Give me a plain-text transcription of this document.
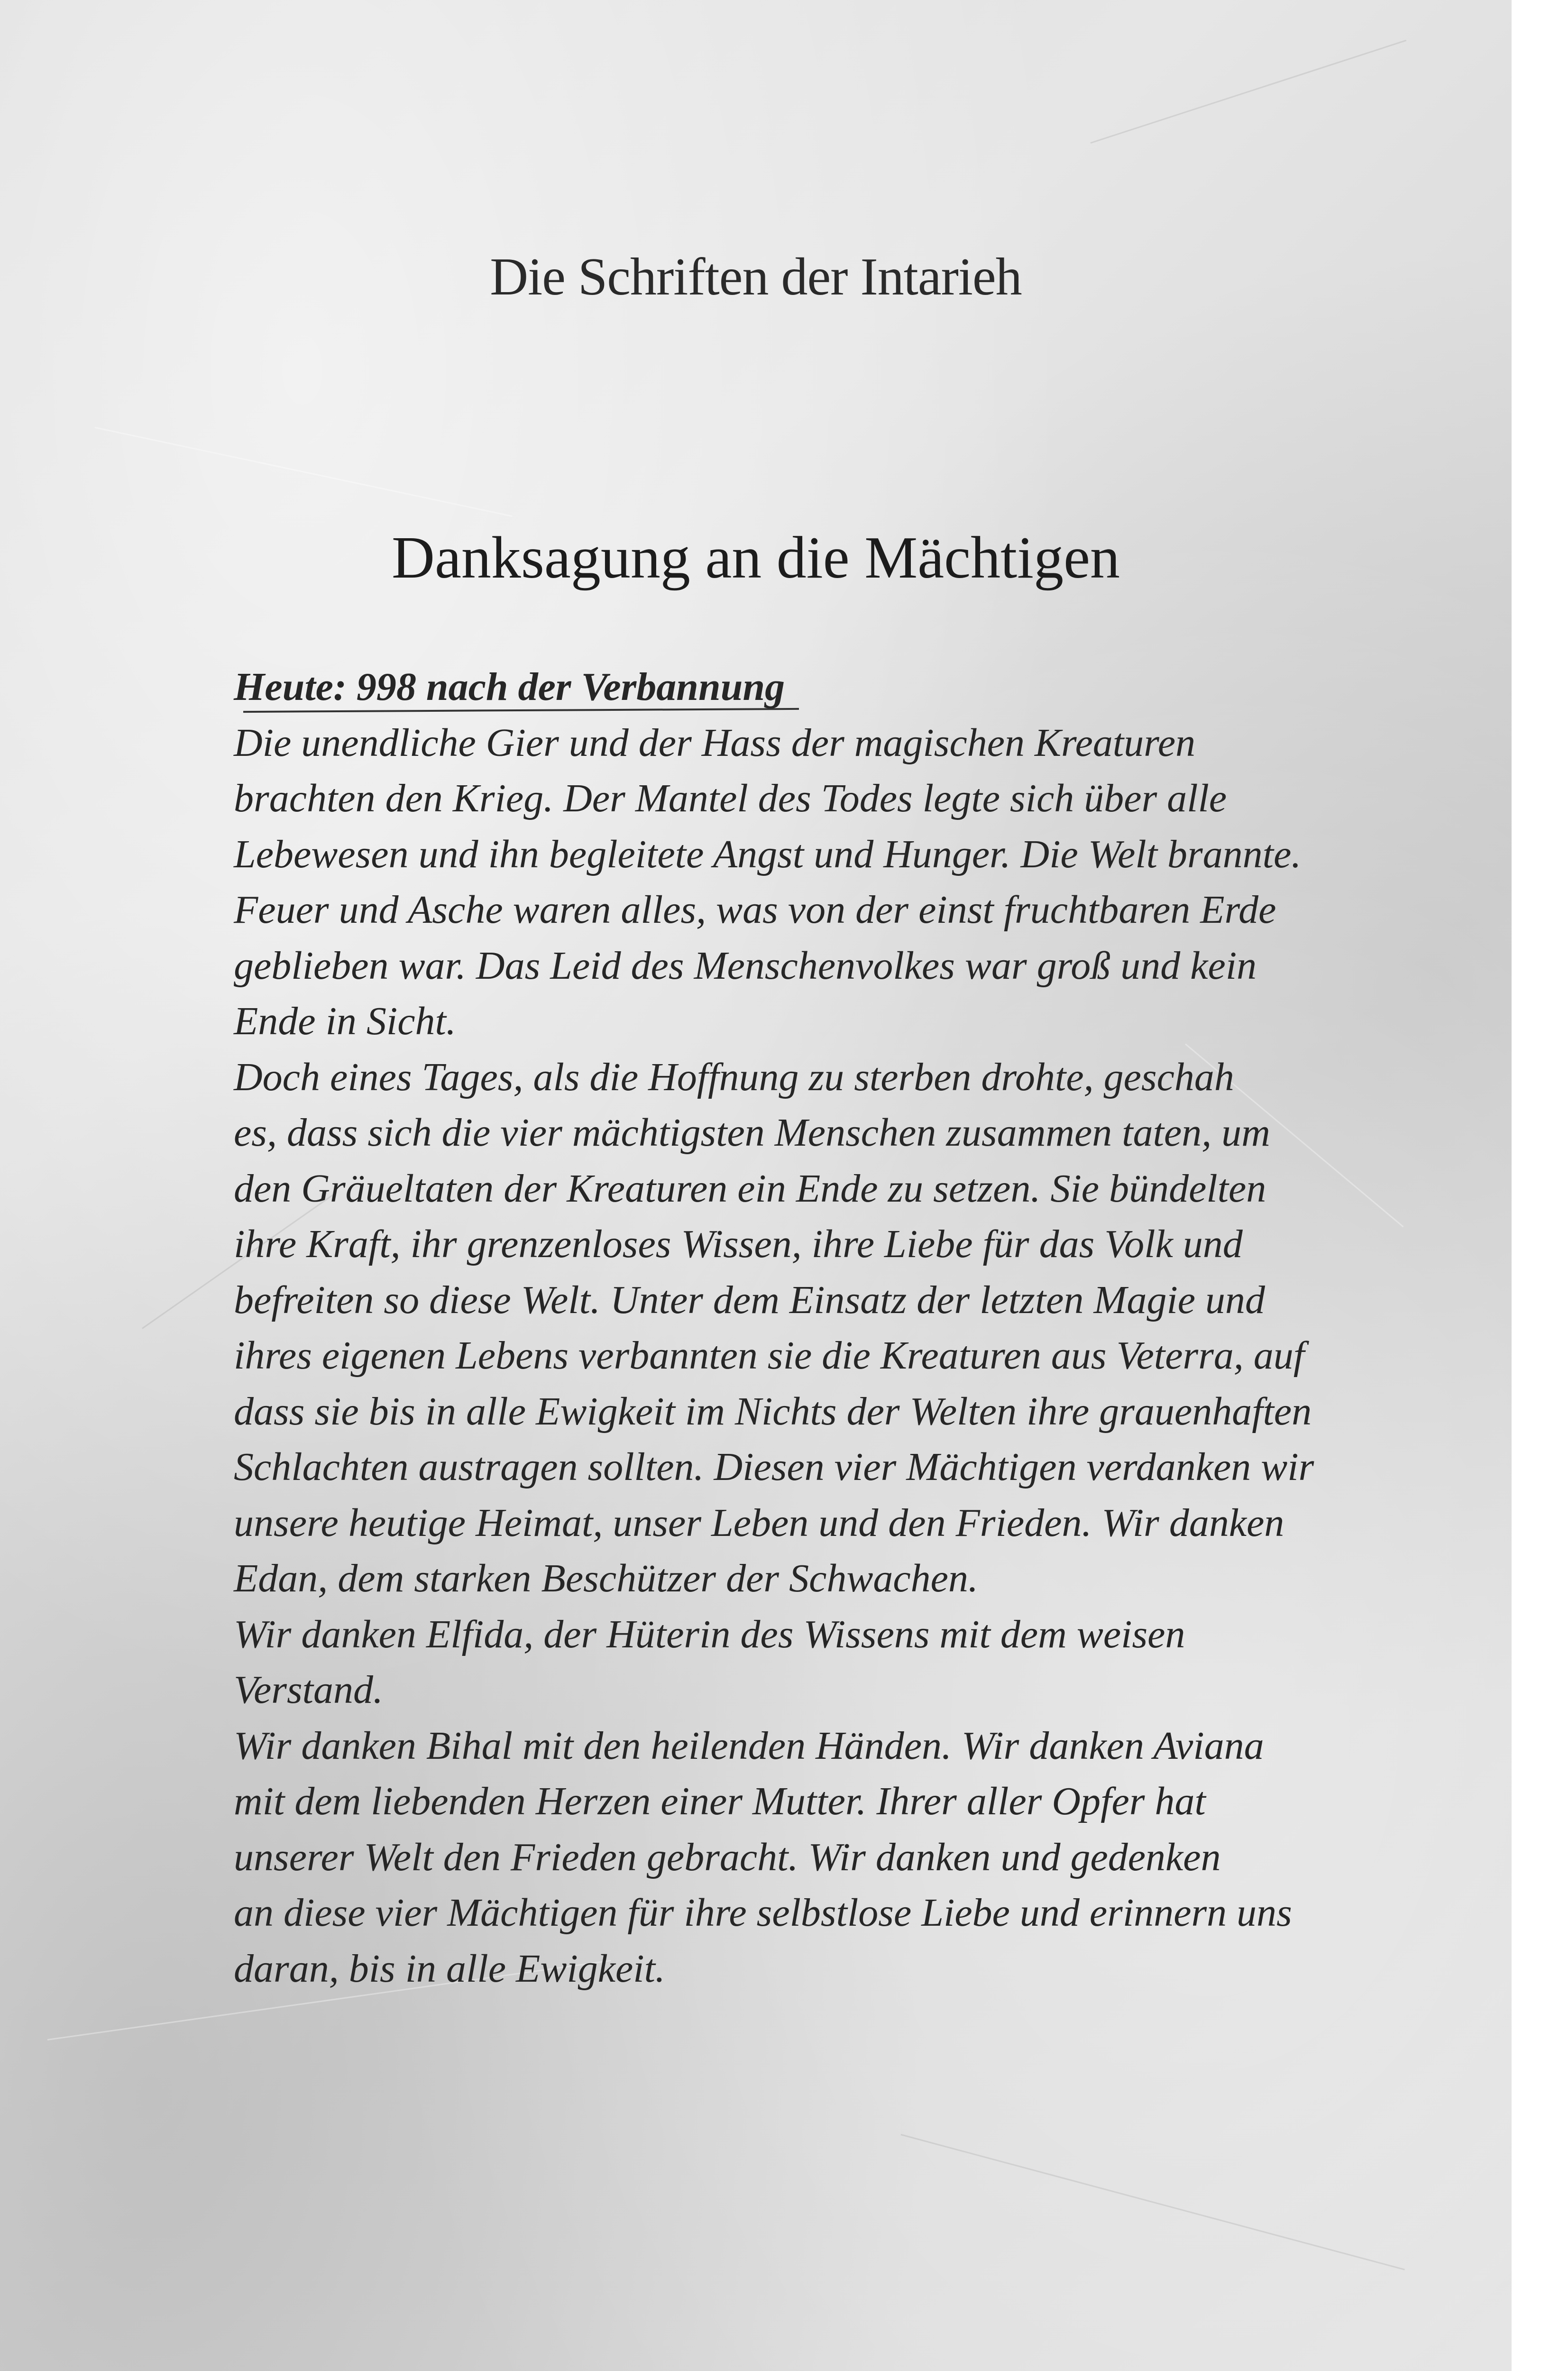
Die Schriften der Intarieh
Danksagung an die Mächtigen
Heute: 998 nach der Verbannung
Die unendliche Gier und der Hass der magischen Kreaturen
brachten den Krieg. Der Mantel des Todes legte sich über alle
Lebewesen und ihn begleitete Angst und Hunger. Die Welt brannte.
Feuer und Asche waren alles, was von der einst fruchtbaren Erde
geblieben war. Das Leid des Menschenvolkes war groß und kein
Ende in Sicht.
Doch eines Tages, als die Hoffnung zu sterben drohte, geschah
es, dass sich die vier mächtigsten Menschen zusammen taten, um
den Gräueltaten der Kreaturen ein Ende zu setzen. Sie bündelten
ihre Kraft, ihr grenzenloses Wissen, ihre Liebe für das Volk und
befreiten so diese Welt. Unter dem Einsatz der letzten Magie und
ihres eigenen Lebens verbannten sie die Kreaturen aus Veterra, auf
dass sie bis in alle Ewigkeit im Nichts der Welten ihre grauenhaften
Schlachten austragen sollten. Diesen vier Mächtigen verdanken wir
unsere heutige Heimat, unser Leben und den Frieden. Wir danken
Edan, dem starken Beschützer der Schwachen.
Wir danken Elfida, der Hüterin des Wissens mit dem weisen
Verstand.
Wir danken Bihal mit den heilenden Händen. Wir danken Aviana
mit dem liebenden Herzen einer Mutter. Ihrer aller Opfer hat
unserer Welt den Frieden gebracht. Wir danken und gedenken
an diese vier Mächtigen für ihre selbstlose Liebe und erinnern uns
daran, bis in alle Ewigkeit.
